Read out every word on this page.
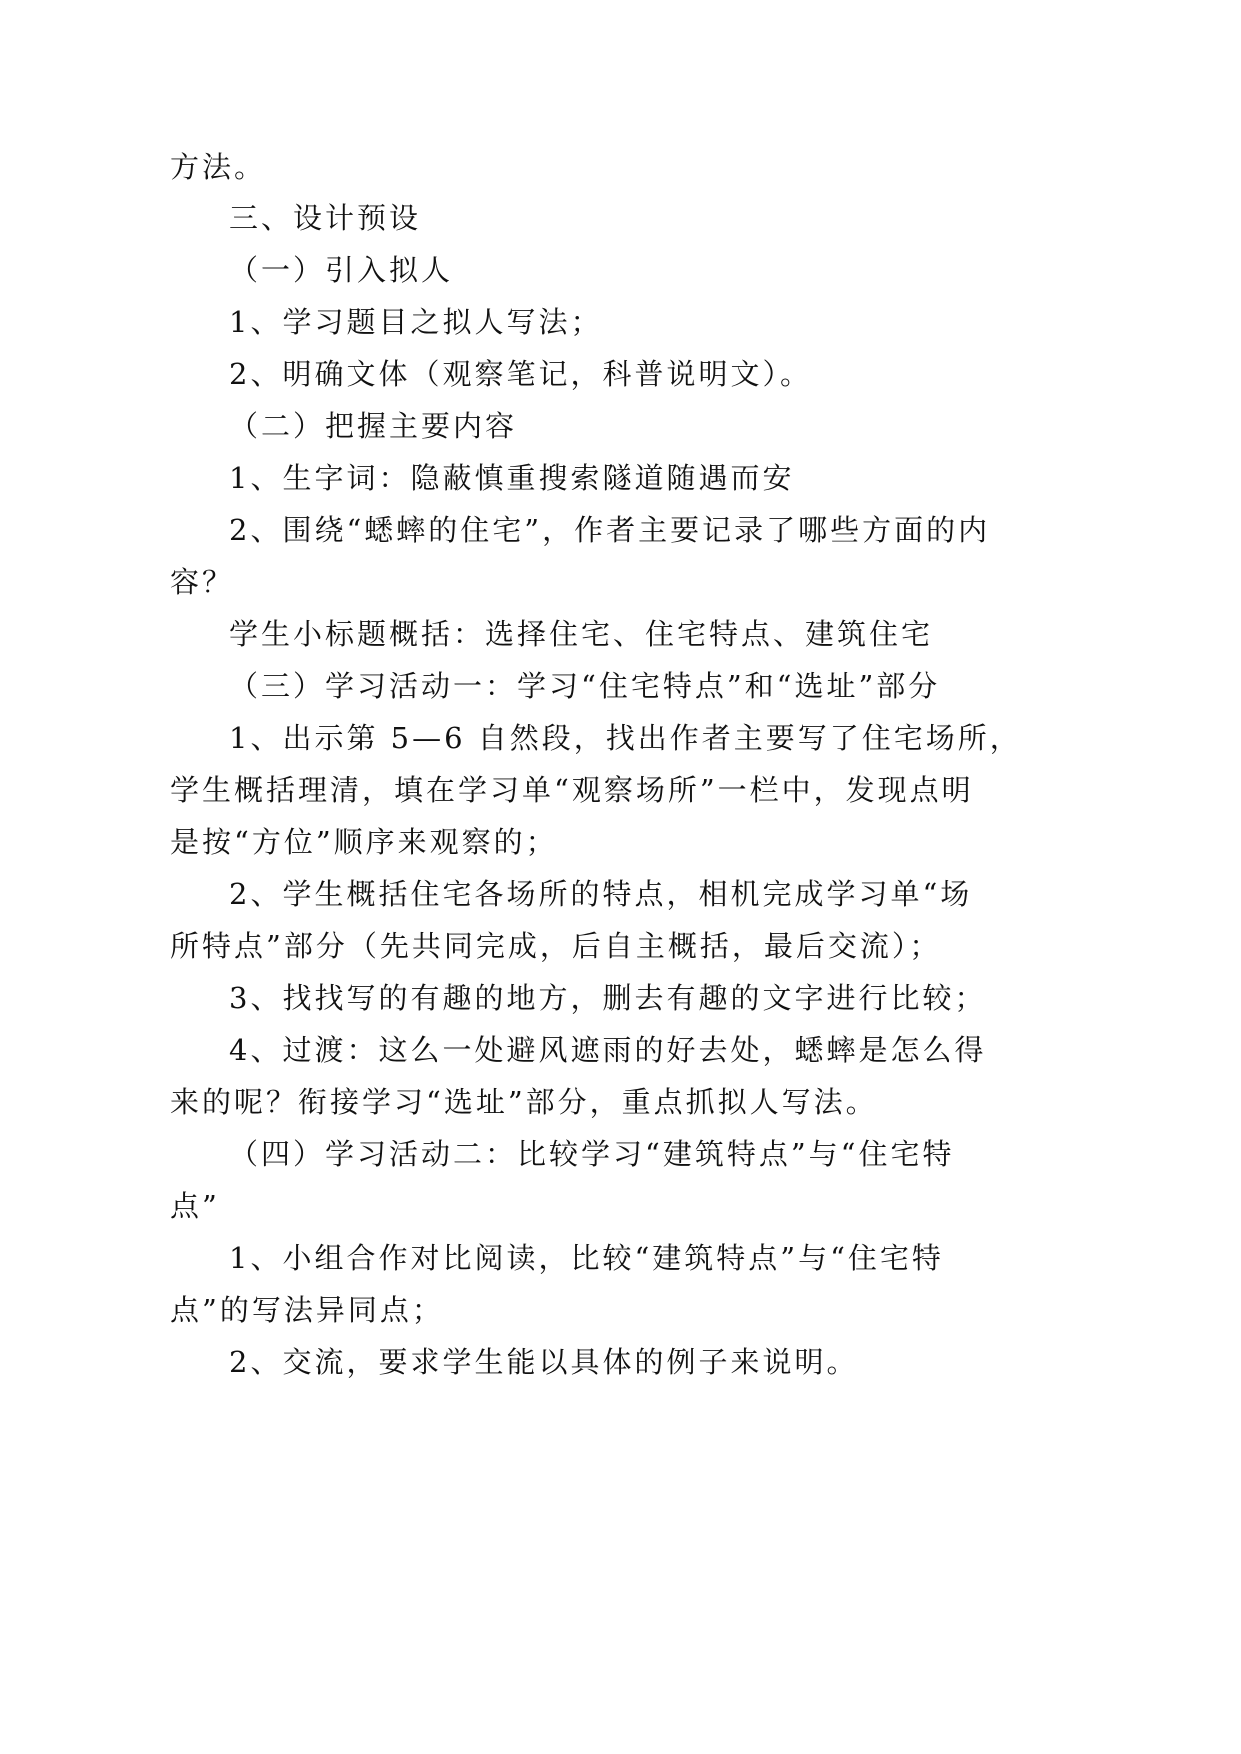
方法。
三、设计预设
（一）引入拟人
1、学习题目之拟人写法；
2、明确文体（观察笔记，科普说明文）。
（二）把握主要内容
1、生字词：隐蔽慎重搜索隧道随遇而安
2、围绕“蟋蟀的住宅”，作者主要记录了哪些方面的内
容？
学生小标题概括：选择住宅、住宅特点、建筑住宅
（三）学习活动一：学习“住宅特点”和“选址”部分
1、出示第 5—6 自然段，找出作者主要写了住宅场所，
学生概括理清，填在学习单“观察场所”一栏中，发现点明
是按“方位”顺序来观察的；
2、学生概括住宅各场所的特点，相机完成学习单“场
所特点”部分（先共同完成，后自主概括，最后交流）；
3、找找写的有趣的地方，删去有趣的文字进行比较；
4、过渡：这么一处避风遮雨的好去处，蟋蟀是怎么得
来的呢？衔接学习“选址”部分，重点抓拟人写法。
（四）学习活动二：比较学习“建筑特点”与“住宅特
点”
1、小组合作对比阅读，比较“建筑特点”与“住宅特
点”的写法异同点；
2、交流，要求学生能以具体的例子来说明。
